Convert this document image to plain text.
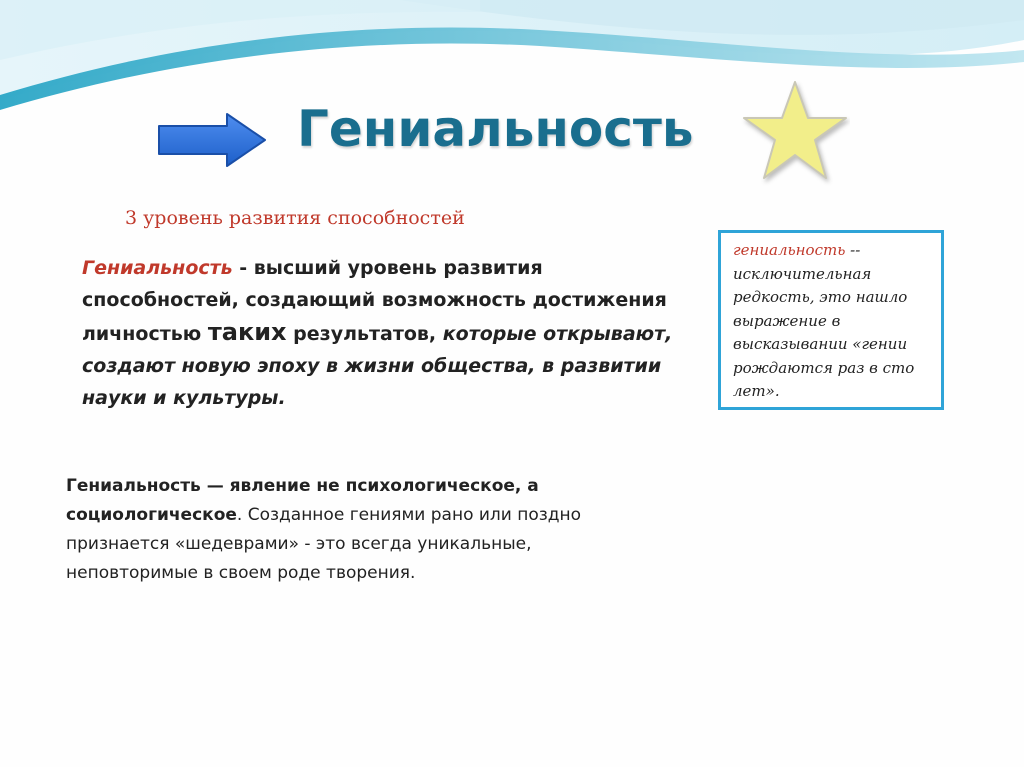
Гениальность
3 уровень развития способностей
Гениальность - высший уровень развития способностей, создающий возможность достижения личностью таких результатов, которые открывают, создают новую эпоху в жизни общества, в развитии науки и культуры.
Гениальность — явление не психологическое, а социологическое. Созданное гениями рано или поздно признается «шедеврами» - это всегда уникальные, неповторимые в своем роде творения.
гениальность -- исключительная редкость, это нашло выражение в высказывании «гении рождаются раз в сто лет».
